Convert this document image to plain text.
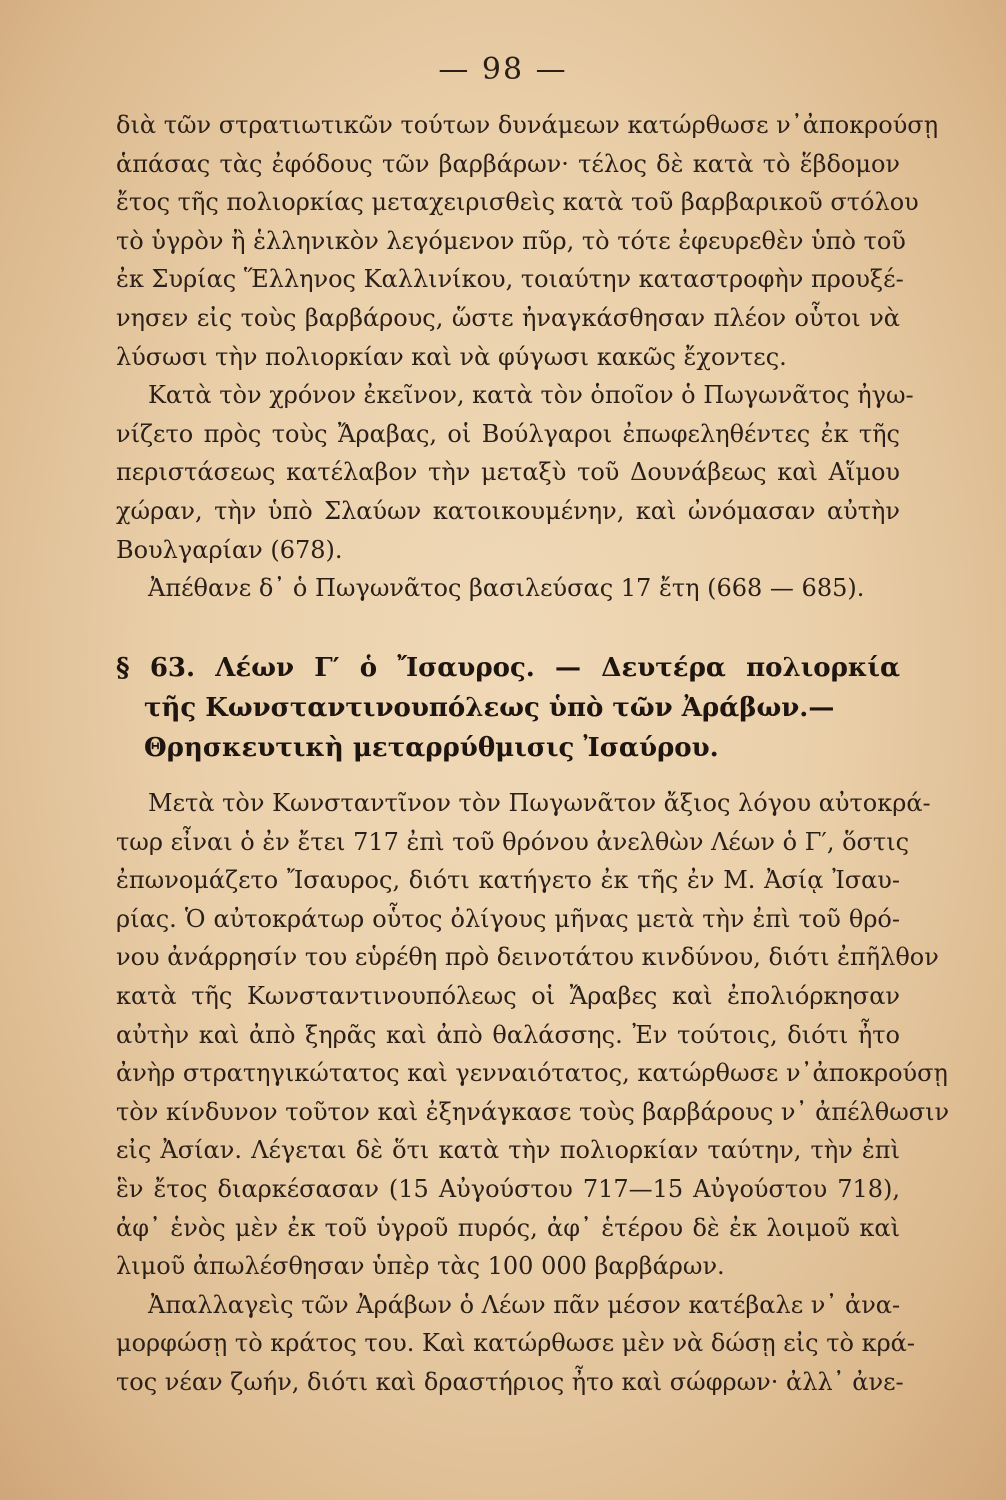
— 98 —
διὰ τῶν στρατιωτικῶν τούτων δυνάμεων κατώρθωσε ν᾽ἀποκρούσῃ
ἁπάσας τὰς ἐφόδους τῶν βαρβάρων· τέλος δὲ κατὰ τὸ ἕβδομον
ἔτος τῆς πολιορκίας μεταχειρισθεὶς κατὰ τοῦ βαρβαρικοῦ στόλου
τὸ ὑγρὸν ἢ ἑλληνικὸν λεγόμενον πῦρ, τὸ τότε ἐφευρεθὲν ὑπὸ τοῦ
ἐκ Συρίας Ἕλληνος Καλλινίκου, τοιαύτην καταστροφὴν προυξέ-
νησεν εἰς τοὺς βαρβάρους, ὥστε ἠναγκάσθησαν πλέον οὗτοι νὰ
λύσωσι τὴν πολιορκίαν καὶ νὰ φύγωσι κακῶς ἔχοντες.
Κατὰ τὸν χρόνον ἐκεῖνον, κατὰ τὸν ὁποῖον ὁ Πωγωνᾶτος ἠγω-
νίζετο πρὸς τοὺς Ἄραβας, οἱ Βούλγαροι ἐπωφεληθέντες ἐκ τῆς
περιστάσεως κατέλαβον τὴν μεταξὺ τοῦ Δουνάβεως καὶ Αἵμου
χώραν, τὴν ὑπὸ Σλαύων κατοικουμένην, καὶ ὠνόμασαν αὐτὴν
Βουλγαρίαν (678).
Ἀπέθανε δ᾽ ὁ Πωγωνᾶτος βασιλεύσας 17 ἔτη (668 — 685).
§ 63. Λέων Γ′ ὁ Ἴσαυρος. — Δευτέρα πολιορκία
τῆς Κωνσταντινουπόλεως ὑπὸ τῶν Ἀράβων.—
Θρησκευτικὴ μεταρρύθμισις Ἰσαύρου.
Μετὰ τὸν Κωνσταντῖνον τὸν Πωγωνᾶτον ἄξιος λόγου αὐτοκρά-
τωρ εἶναι ὁ ἐν ἔτει 717 ἐπὶ τοῦ θρόνου ἀνελθὼν Λέων ὁ Γ′, ὅστις
ἐπωνομάζετο Ἴσαυρος, διότι κατήγετο ἐκ τῆς ἐν Μ. Ἀσίᾳ Ἰσαυ-
ρίας. Ὁ αὐτοκράτωρ οὗτος ὀλίγους μῆνας μετὰ τὴν ἐπὶ τοῦ θρό-
νου ἀνάρρησίν του εὑρέθη πρὸ δεινοτάτου κινδύνου, διότι ἐπῆλθον
κατὰ τῆς Κωνσταντινουπόλεως οἱ Ἄραβες καὶ ἐπολιόρκησαν
αὐτὴν καὶ ἀπὸ ξηρᾶς καὶ ἀπὸ θαλάσσης. Ἐν τούτοις, διότι ἦτο
ἀνὴρ στρατηγικώτατος καὶ γενναιότατος, κατώρθωσε ν᾽ἀποκρούσῃ
τὸν κίνδυνον τοῦτον καὶ ἐξηνάγκασε τοὺς βαρβάρους ν᾽ ἀπέλθωσιν
εἰς Ἀσίαν. Λέγεται δὲ ὅτι κατὰ τὴν πολιορκίαν ταύτην, τὴν ἐπὶ
ἓν ἔτος διαρκέσασαν (15 Αὐγούστου 717—15 Αὐγούστου 718),
ἀφ᾽ ἑνὸς μὲν ἐκ τοῦ ὑγροῦ πυρός, ἀφ᾽ ἑτέρου δὲ ἐκ λοιμοῦ καὶ
λιμοῦ ἀπωλέσθησαν ὑπὲρ τὰς 100 000 βαρβάρων.
Ἀπαλλαγεὶς τῶν Ἀράβων ὁ Λέων πᾶν μέσον κατέβαλε ν᾽ ἀνα-
μορφώσῃ τὸ κράτος του. Καὶ κατώρθωσε μὲν νὰ δώσῃ εἰς τὸ κρά-
τος νέαν ζωήν, διότι καὶ δραστήριος ἦτο καὶ σώφρων· ἀλλ᾽ ἀνε-
